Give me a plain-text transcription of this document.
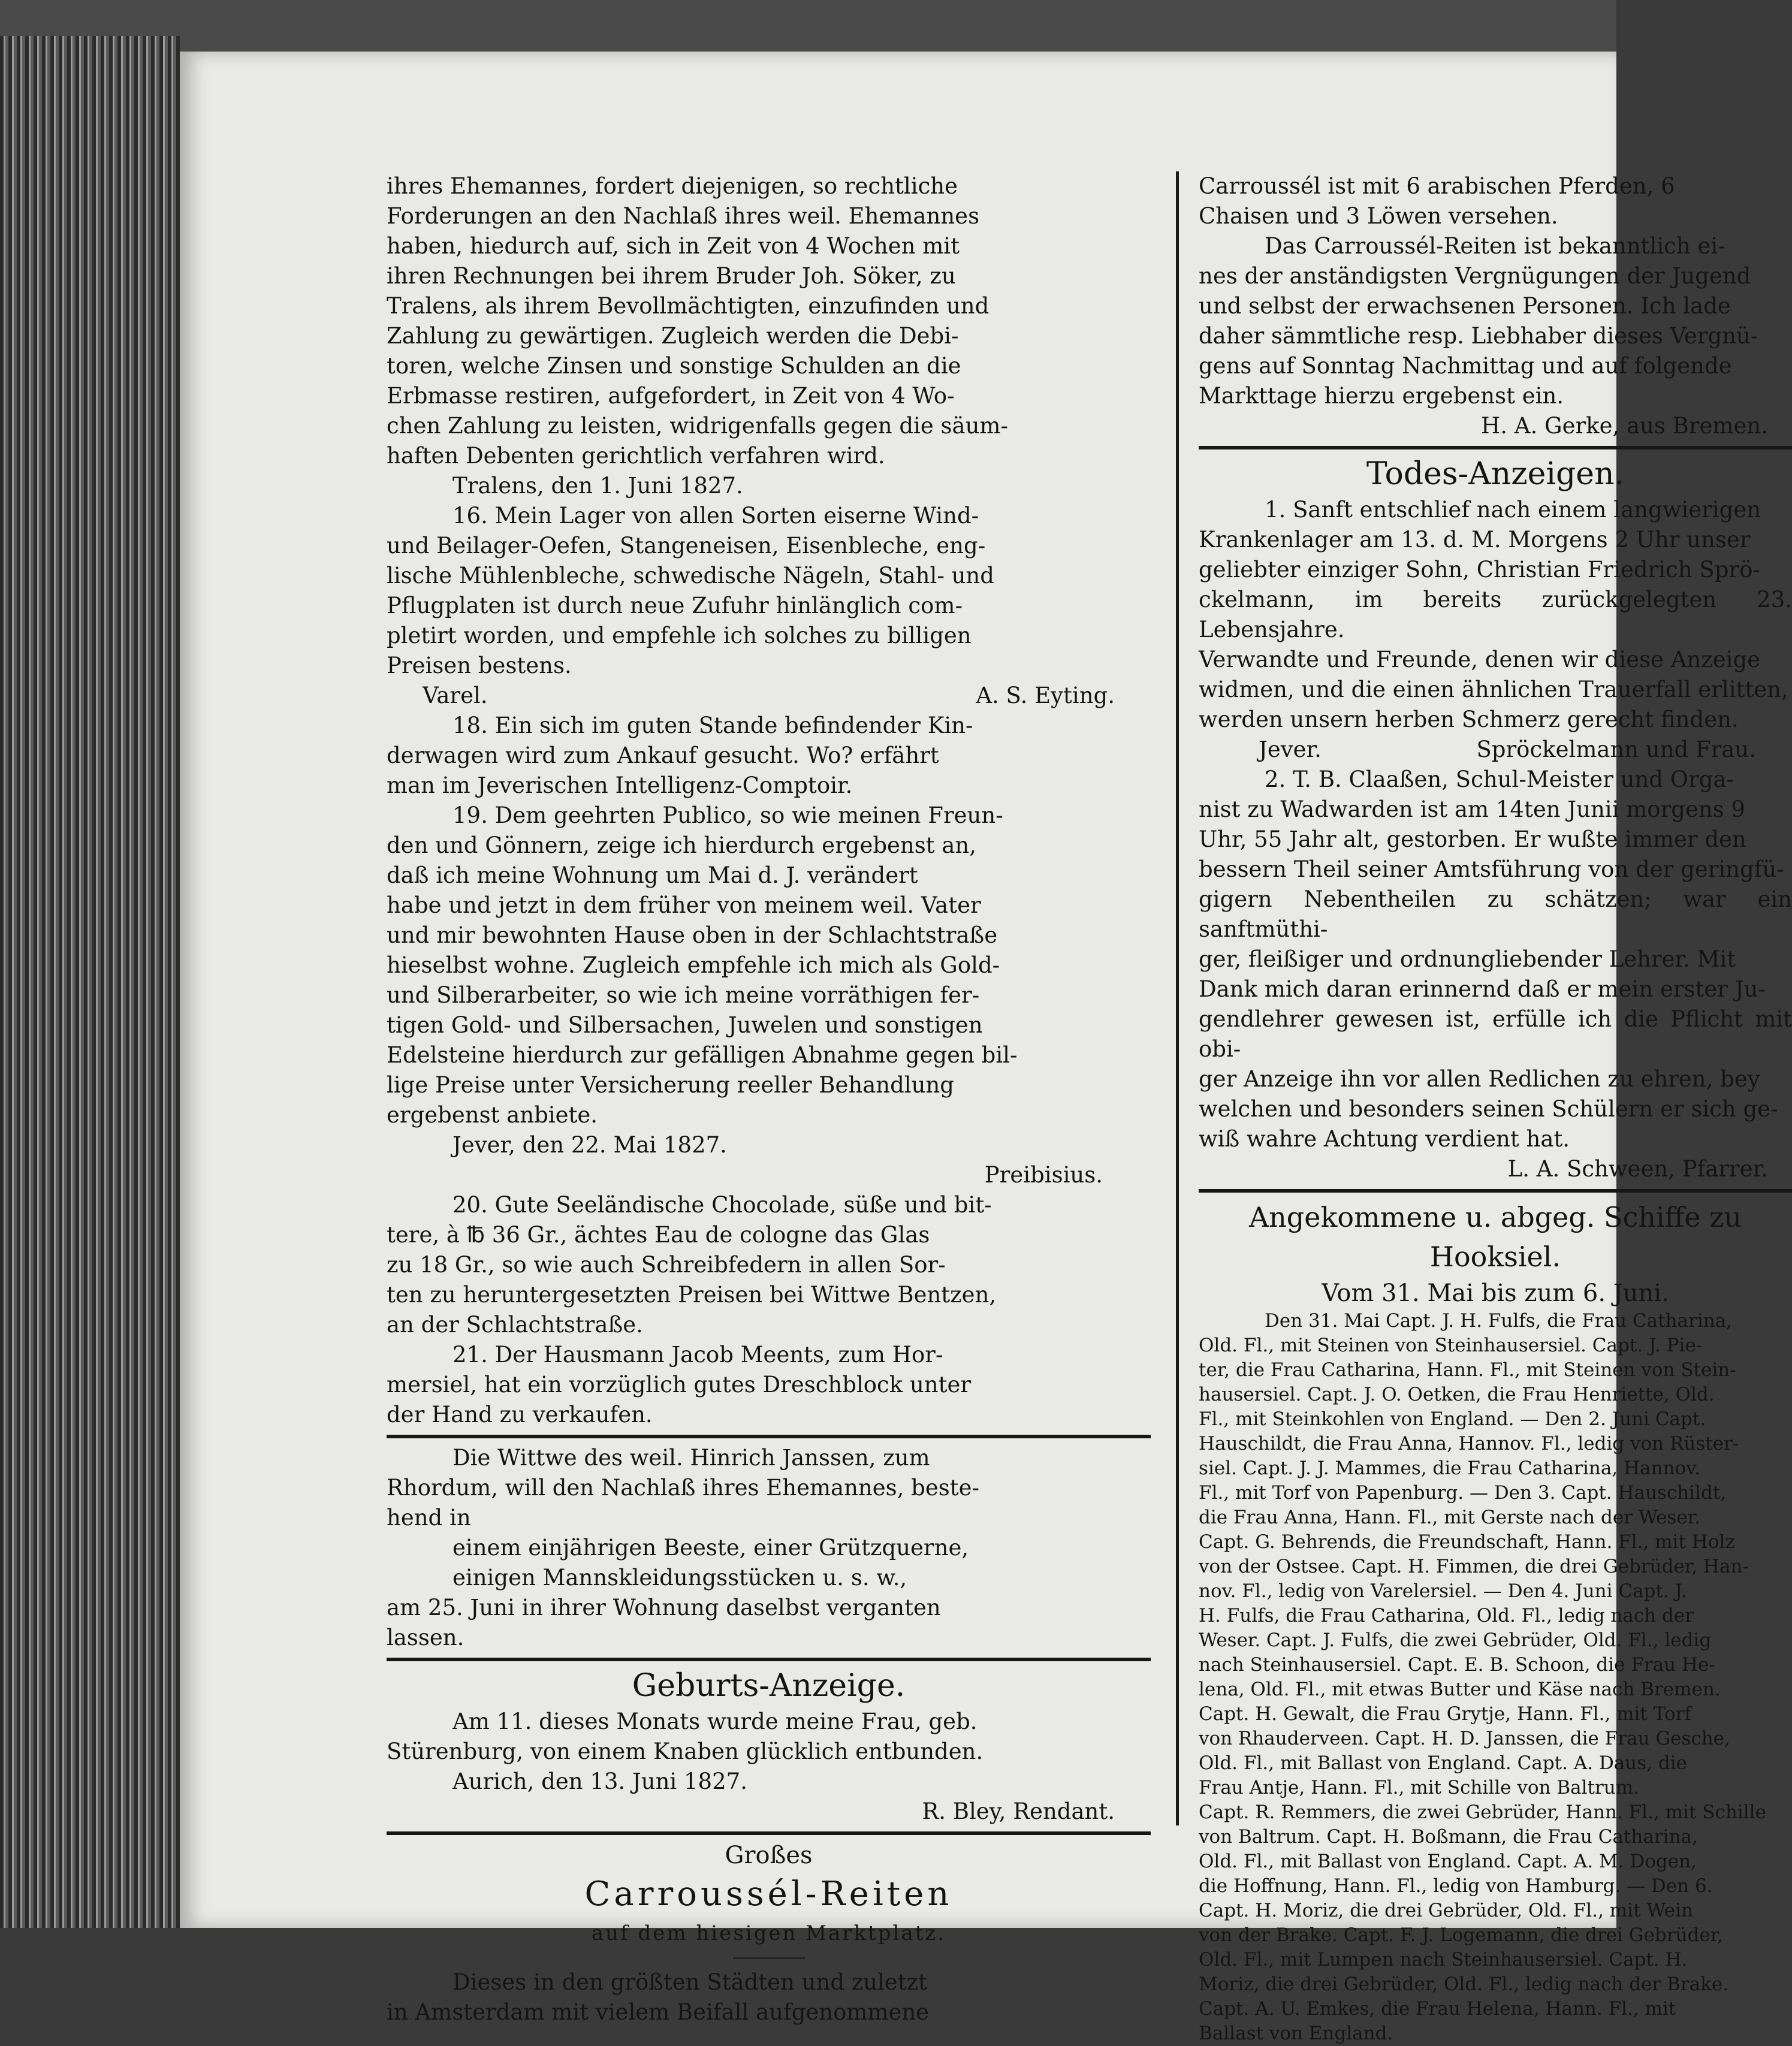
ihres Ehemannes, fordert diejenigen, so rechtliche

Forderungen an den Nachlaß ihres weil. Ehemannes

haben, hiedurch auf, sich in Zeit von 4 Wochen mit

ihren Rechnungen bei ihrem Bruder Joh. Söker, zu

Tralens, als ihrem Bevollmächtigten, einzufinden und

Zahlung zu gewärtigen. Zugleich werden die Debi-

toren, welche Zinsen und sonstige Schulden an die

Erbmasse restiren, aufgefordert, in Zeit von 4 Wo-

chen Zahlung zu leisten, widrigenfalls gegen die säum-

haften Debenten gerichtlich verfahren wird.

Tralens, den 1. Juni 1827.

16. Mein Lager von allen Sorten eiserne Wind-

und Beilager-Oefen, Stangeneisen, Eisenbleche, eng-

lische Mühlenbleche, schwedische Nägeln, Stahl- und

Pflugplaten ist durch neue Zufuhr hinlänglich com-

pletirt worden, und empfehle ich solches zu billigen

Preisen bestens.

Varel.	A. S. Eyting.

18. Ein sich im guten Stande befindender Kin-

derwagen wird zum Ankauf gesucht. Wo? erfährt

man im Jeverischen Intelligenz-Comptoir.

19. Dem geehrten Publico, so wie meinen Freun-

den und Gönnern, zeige ich hierdurch ergebenst an,

daß ich meine Wohnung um Mai d. J. verändert

habe und jetzt in dem früher von meinem weil. Vater

und mir bewohnten Hause oben in der Schlachtstraße

hieselbst wohne. Zugleich empfehle ich mich als Gold-

und Silberarbeiter, so wie ich meine vorräthigen fer-

tigen Gold- und Silbersachen, Juwelen und sonstigen

Edelsteine hierdurch zur gefälligen Abnahme gegen bil-

lige Preise unter Versicherung reeller Behandlung

ergebenst anbiete.

Jever, den 22. Mai 1827.

Preibisius.

20. Gute Seeländische Chocolade, süße und bit-

tere, à ℔ 36 Gr., ächtes Eau de cologne das Glas

zu 18 Gr., so wie auch Schreibfedern in allen Sor-

ten zu heruntergesetzten Preisen bei Wittwe Bentzen,

an der Schlachtstraße.

21. Der Hausmann Jacob Meents, zum Hor-

mersiel, hat ein vorzüglich gutes Dreschblock unter

der Hand zu verkaufen.

Die Wittwe des weil. Hinrich Janssen, zum

Rhordum, will den Nachlaß ihres Ehemannes, beste-

hend in

einem einjährigen Beeste, einer Grützquerne,

einigen Mannskleidungsstücken u. s. w.,

am 25. Juni in ihrer Wohnung daselbst verganten

lassen.

Geburts-Anzeige.

Am 11. dieses Monats wurde meine Frau, geb.

Stürenburg, von einem Knaben glücklich entbunden.

Aurich, den 13. Juni 1827.

R. Bley, Rendant.

Großes
Carroussél-Reiten
auf dem hiesigen Marktplatz.

Dieses in den größten Städten und zuletzt

in Amsterdam mit vielem Beifall aufgenommene

Carroussél ist mit 6 arabischen Pferden, 6

Chaisen und 3 Löwen versehen.

Das Carroussél-Reiten ist bekanntlich ei-

nes der anständigsten Vergnügungen der Jugend

und selbst der erwachsenen Personen. Ich lade

daher sämmtliche resp. Liebhaber dieses Vergnü-

gens auf Sonntag Nachmittag und auf folgende

Markttage hierzu ergebenst ein.

H. A. Gerke, aus Bremen.

Todes-Anzeigen.

1. Sanft entschlief nach einem langwierigen

Krankenlager am 13. d. M. Morgens 2 Uhr unser

geliebter einziger Sohn, Christian Friedrich Sprö-

ckelmann, im bereits zurückgelegten 23. Lebensjahre.

Verwandte und Freunde, denen wir diese Anzeige

widmen, und die einen ähnlichen Trauerfall erlitten,

werden unsern herben Schmerz gerecht finden.

Jever.	Spröckelmann und Frau.

2. T. B. Claaßen, Schul-Meister und Orga-

nist zu Wadwarden ist am 14ten Junii morgens 9

Uhr, 55 Jahr alt, gestorben. Er wußte immer den

bessern Theil seiner Amtsführung von der geringfü-

gigern Nebentheilen zu schätzen; war ein sanftmüthi-

ger, fleißiger und ordnungliebender Lehrer. Mit

Dank mich daran erinnernd daß er mein erster Ju-

gendlehrer gewesen ist, erfülle ich die Pflicht mit obi-

ger Anzeige ihn vor allen Redlichen zu ehren, bey

welchen und besonders seinen Schülern er sich ge-

wiß wahre Achtung verdient hat.

L. A. Schween, Pfarrer.

Angekommene u. abgeg. Schiffe zu Hooksiel.
Vom 31. Mai bis zum 6. Juni.

Den 31. Mai Capt. J. H. Fulfs, die Frau Catharina,

Old. Fl., mit Steinen von Steinhausersiel. Capt. J. Pie-

ter, die Frau Catharina, Hann. Fl., mit Steinen von Stein-

hausersiel. Capt. J. O. Oetken, die Frau Henriette, Old.

Fl., mit Steinkohlen von England. — Den 2. Juni Capt.

Hauschildt, die Frau Anna, Hannov. Fl., ledig von Rüster-

siel. Capt. J. J. Mammes, die Frau Catharina, Hannov.

Fl., mit Torf von Papenburg. — Den 3. Capt. Hauschildt,

die Frau Anna, Hann. Fl., mit Gerste nach der Weser.

Capt. G. Behrends, die Freundschaft, Hann. Fl., mit Holz

von der Ostsee. Capt. H. Fimmen, die drei Gebrüder, Han-

nov. Fl., ledig von Varelersiel. — Den 4. Juni Capt. J.

H. Fulfs, die Frau Catharina, Old. Fl., ledig nach der

Weser. Capt. J. Fulfs, die zwei Gebrüder, Old. Fl., ledig

nach Steinhausersiel. Capt. E. B. Schoon, die Frau He-

lena, Old. Fl., mit etwas Butter und Käse nach Bremen.

Capt. H. Gewalt, die Frau Grytje, Hann. Fl., mit Torf

von Rhauderveen. Capt. H. D. Janssen, die Frau Gesche,

Old. Fl., mit Ballast von England. Capt. A. Daus, die

Frau Antje, Hann. Fl., mit Schille von Baltrum.

Capt. R. Remmers, die zwei Gebrüder, Hann. Fl., mit Schille

von Baltrum. Capt. H. Boßmann, die Frau Catharina,

Old. Fl., mit Ballast von England. Capt. A. M. Dogen,

die Hoffnung, Hann. Fl., ledig von Hamburg. — Den 6.

Capt. H. Moriz, die drei Gebrüder, Old. Fl., mit Wein

von der Brake. Capt. F. J. Logemann, die drei Gebrüder,

Old. Fl., mit Lumpen nach Steinhausersiel. Capt. H.

Moriz, die drei Gebrüder, Old. Fl., ledig nach der Brake.

Capt. A. U. Emkes, die Frau Helena, Hann. Fl., mit

Ballast von England.
